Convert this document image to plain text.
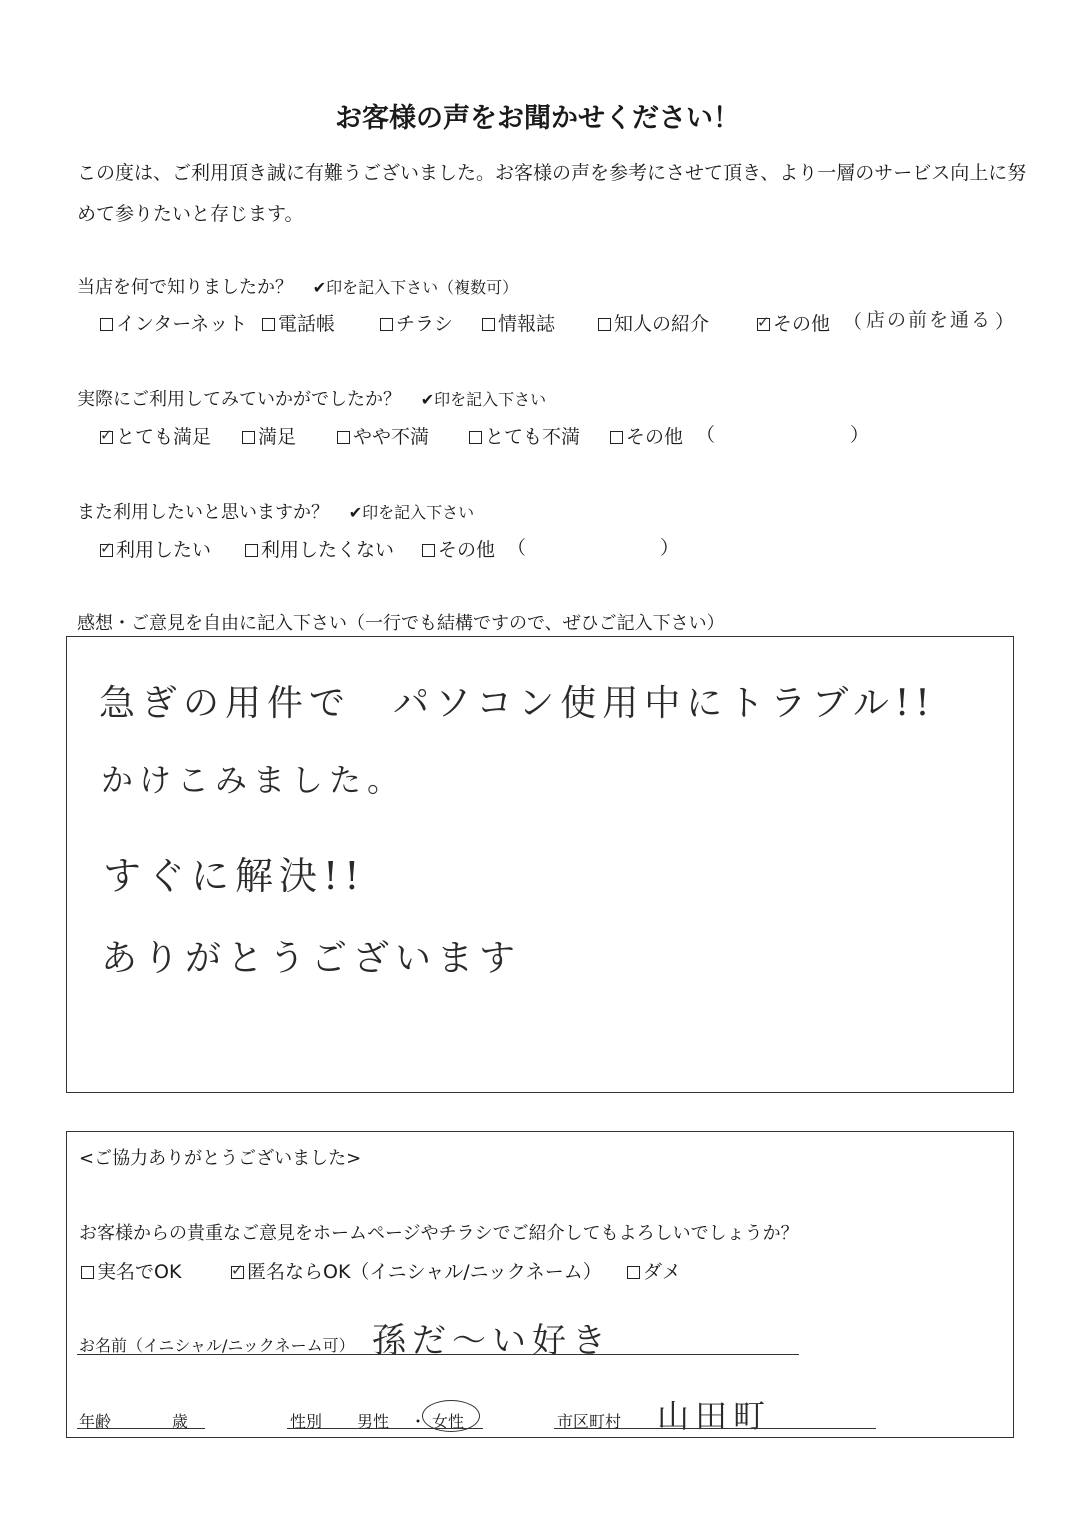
お客様の声をお聞かせください！
この度は、ご利用頂き誠に有難うございました。お客様の声を参考にさせて頂き、より一層のサービス向上に努
めて参りたいと存じます。
当店を何で知りましたか？ ✔印を記入下さい（複数可）
インターネット	電話帳	チラシ	情報誌	知人の紹介 ✓	その他 （ 店の前を通る ）
実際にご利用してみていかがでしたか？ ✔印を記入下さい
✓とても満足	満足	やや不満	とても不満	その他 （	）
また利用したいと思いますか？ ✔印を記入下さい
✓利用したい	利用したくない	その他 （	）
感想・ご意見を自由に記入下さい（一行でも結構ですので、ぜひご記入下さい）
急ぎの用件で　パソコン使用中にトラブル!!
かけこみました。
すぐに解決!!
ありがとうございます
<ご協力ありがとうございました>
お客様からの貴重なご意見をホームページやチラシでご紹介してもよろしいでしょうか？
実名でOK ✓	匿名ならOK（イニシャル/ニックネーム）	ダメ
お名前（イニシャル/ニックネーム可） 孫だ〜い好き
年齢	歳	性別 男性 ・ 女性	市区町村 山田町
